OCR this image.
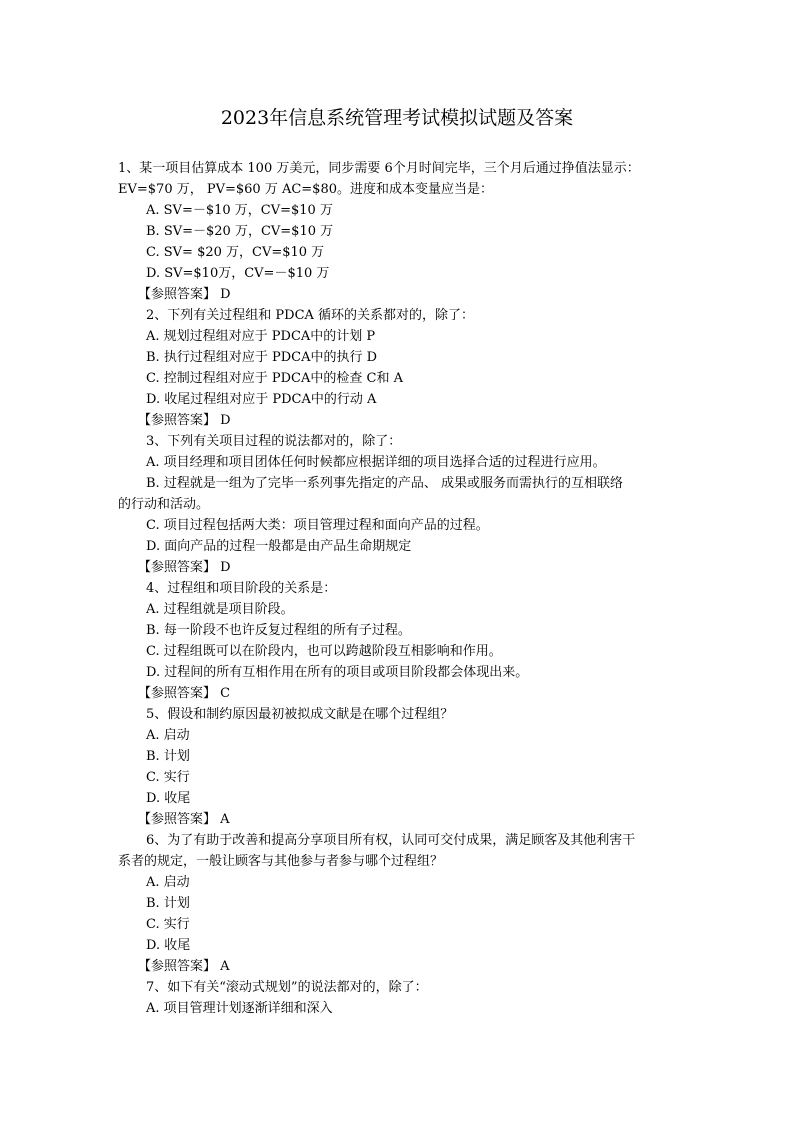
2023年信息系统管理考试模拟试题及答案
1、某一项目估算成本 100 万美元，同步需要 6个月时间完毕，三个月后通过挣值法显示：
EV=$70 万， PV=$60 万 AC=$80。进度和成本变量应当是：
A. SV=－$10 万，CV=$10 万
B. SV=－$20 万，CV=$10 万
C. SV= $20 万，CV=$10 万
D. SV=$10万，CV=－$10 万
【参照答案】 D
2、下列有关过程组和 PDCA 循环的关系都对的，除了：
A. 规划过程组对应于 PDCA中的计划 P
B. 执行过程组对应于 PDCA中的执行 D
C. 控制过程组对应于 PDCA中的检查 C和 A
D. 收尾过程组对应于 PDCA中的行动 A
【参照答案】 D
3、下列有关项目过程的说法都对的，除了：
A. 项目经理和项目团体任何时候都应根据详细的项目选择合适的过程进行应用。
B. 过程就是一组为了完毕一系列事先指定的产品、 成果或服务而需执行的互相联络
的行动和活动。
C. 项目过程包括两大类：项目管理过程和面向产品的过程。
D. 面向产品的过程一般都是由产品生命期规定
【参照答案】 D
4、过程组和项目阶段的关系是：
A. 过程组就是项目阶段。
B. 每一阶段不也许反复过程组的所有子过程。
C. 过程组既可以在阶段内，也可以跨越阶段互相影响和作用。
D. 过程间的所有互相作用在所有的项目或项目阶段都会体现出来。
【参照答案】 C
5、假设和制约原因最初被拟成文献是在哪个过程组？
A. 启动
B. 计划
C. 实行
D. 收尾
【参照答案】 A
6、为了有助于改善和提高分享项目所有权，认同可交付成果，满足顾客及其他利害干
系者的规定，一般让顾客与其他参与者参与哪个过程组？
A. 启动
B. 计划
C. 实行
D. 收尾
【参照答案】 A
7、如下有关“滚动式规划”的说法都对的，除了：
A. 项目管理计划逐渐详细和深入
